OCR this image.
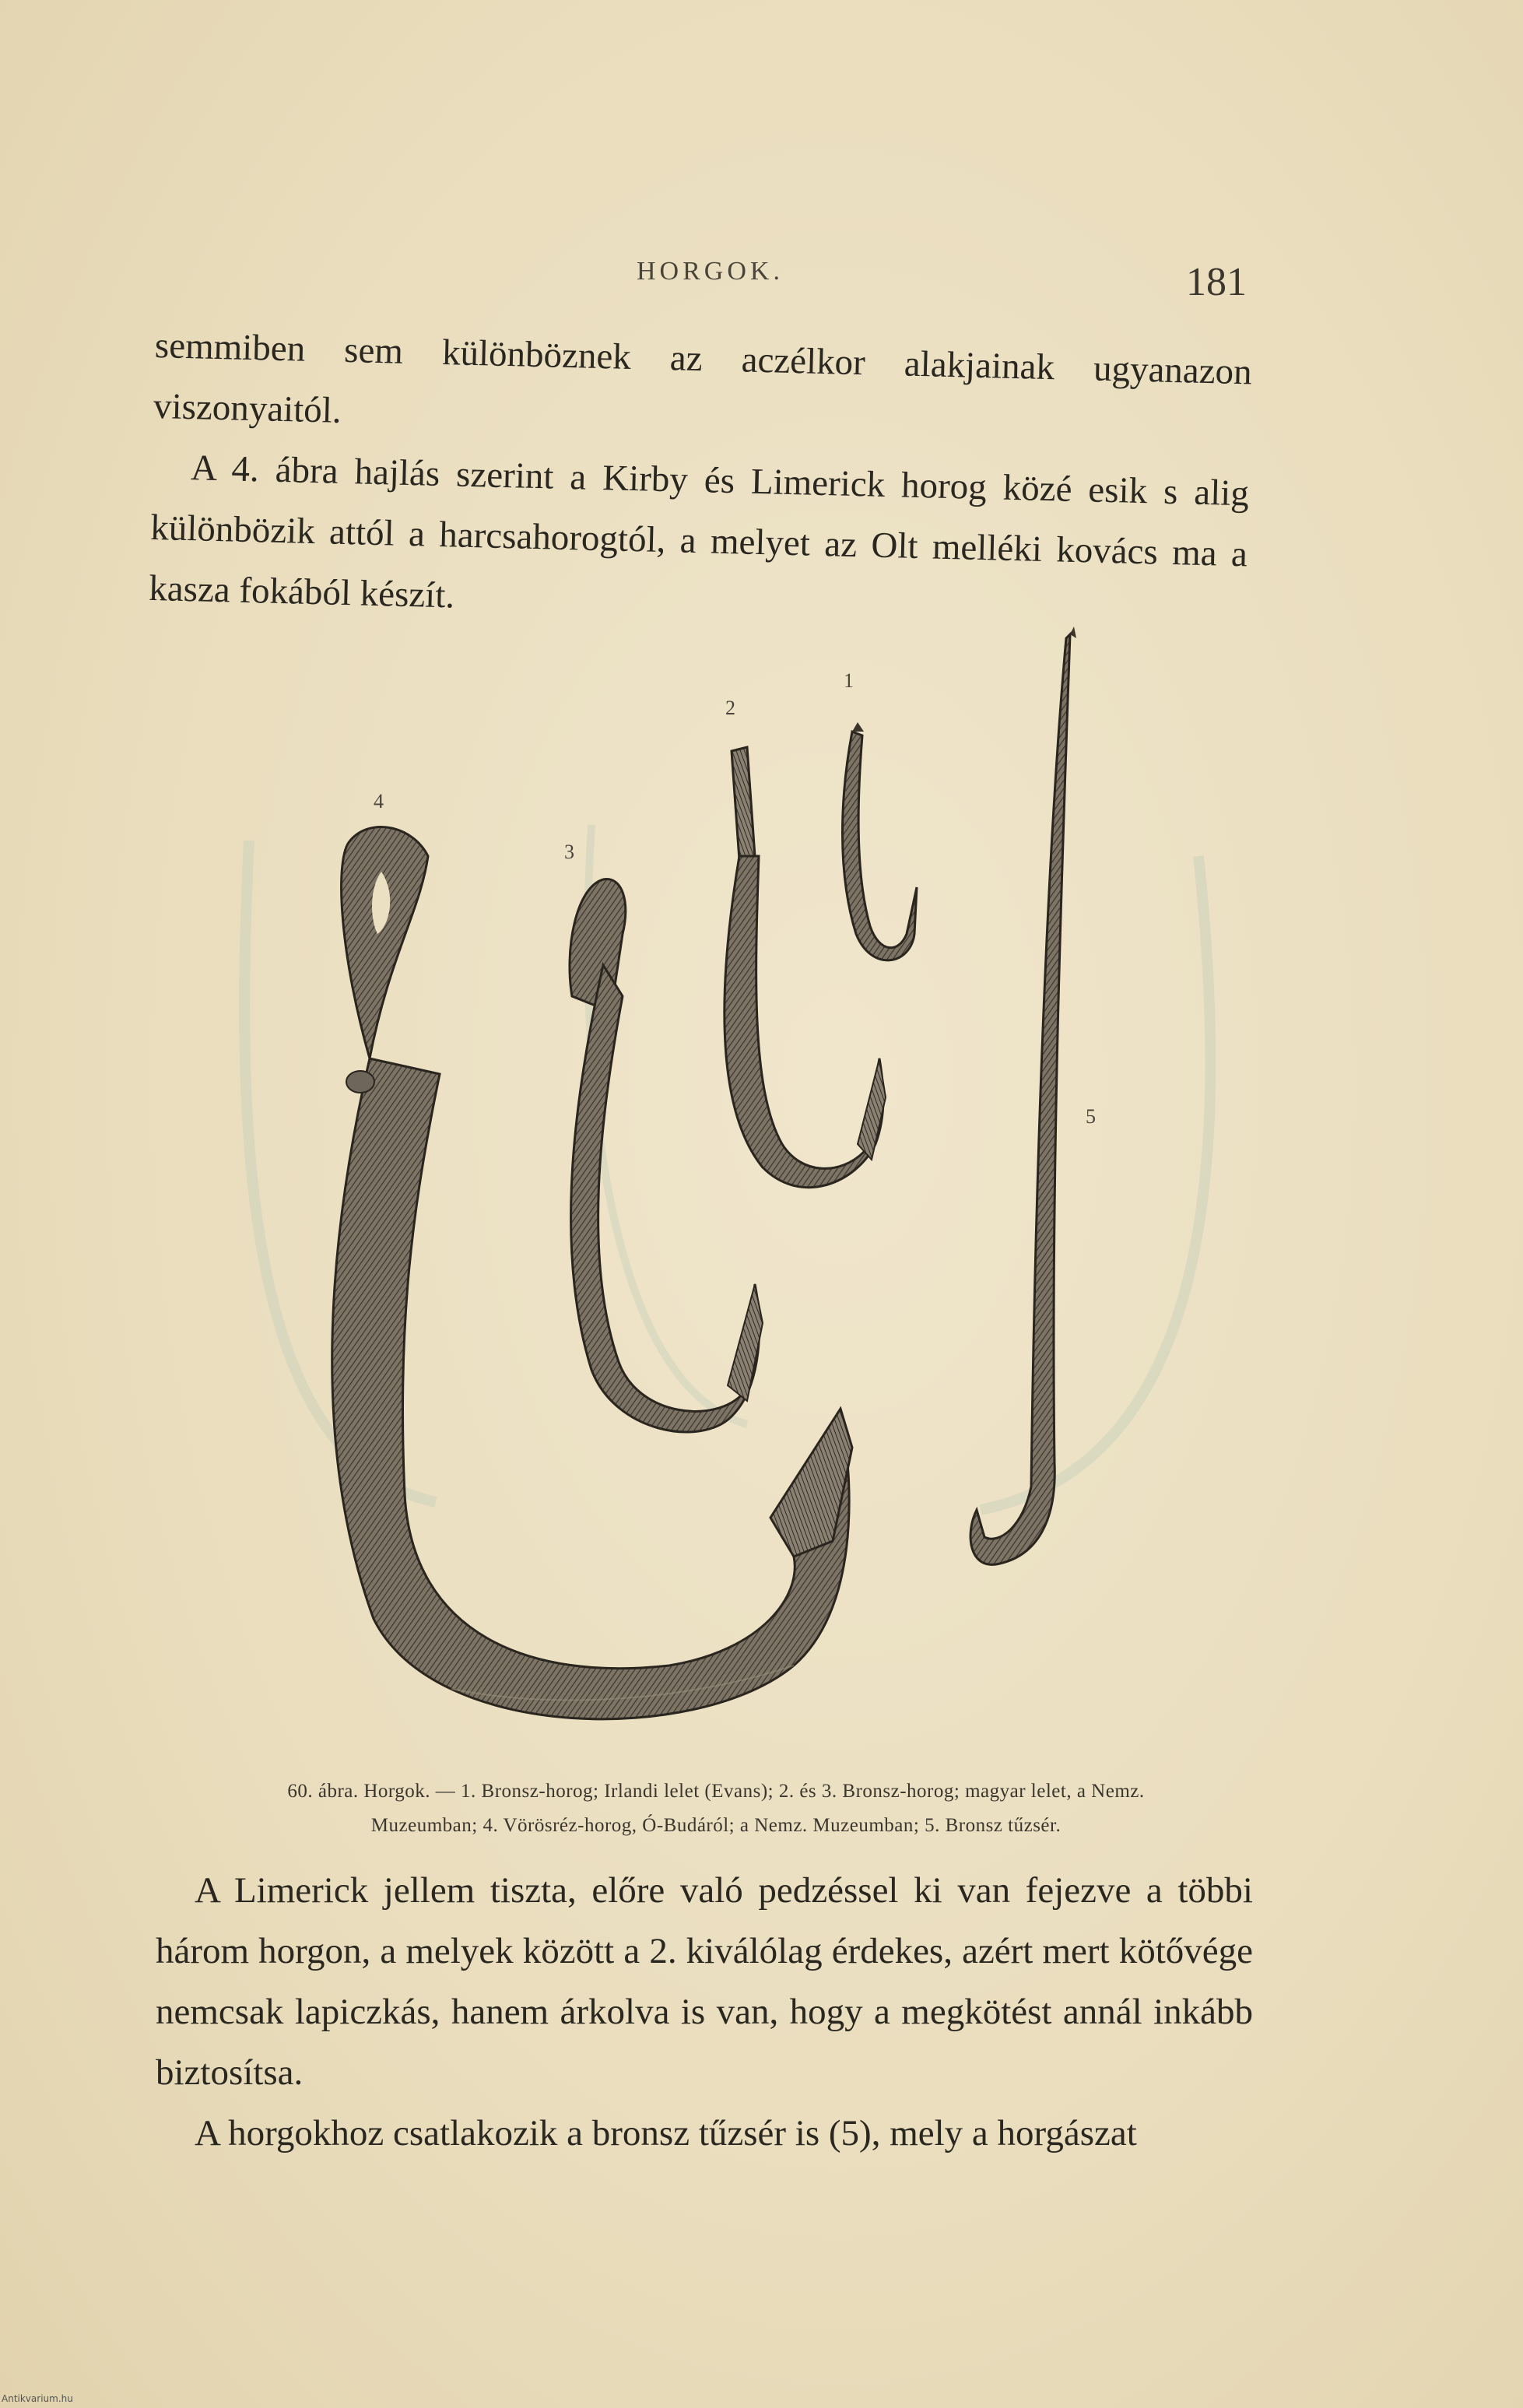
HORGOK.	181

semmiben sem különböznek az aczélkor alakjainak ugyanazon viszonyaitól.

A 4. ábra hajlás szerint a Kirby és Limerick horog közé esik s alig különbözik attól a harcsahorogtól, a melyet az Olt melléki kovács ma a kasza fokából készít.

1
2
3
4
5
60. ábra. Horgok. — 1. Bronsz-horog; Irlandi lelet (Evans); 2. és 3. Bronsz-horog; magyar lelet, a Nemz.
Muzeumban; 4. Vörösréz-horog, Ó-Budáról; a Nemz. Muzeumban; 5. Bronsz tűzsér.

A Limerick jellem tiszta, előre való pedzéssel ki van fejezve a többi három horgon, a melyek között a 2. kiválólag érdekes, azért mert kötővége nemcsak lapiczkás, hanem árkolva is van, hogy a megkötést annál inkább biztosítsa.

A horgokhoz csatlakozik a bronsz tűzsér is (5), mely a horgászat

Antikvarium.hu
